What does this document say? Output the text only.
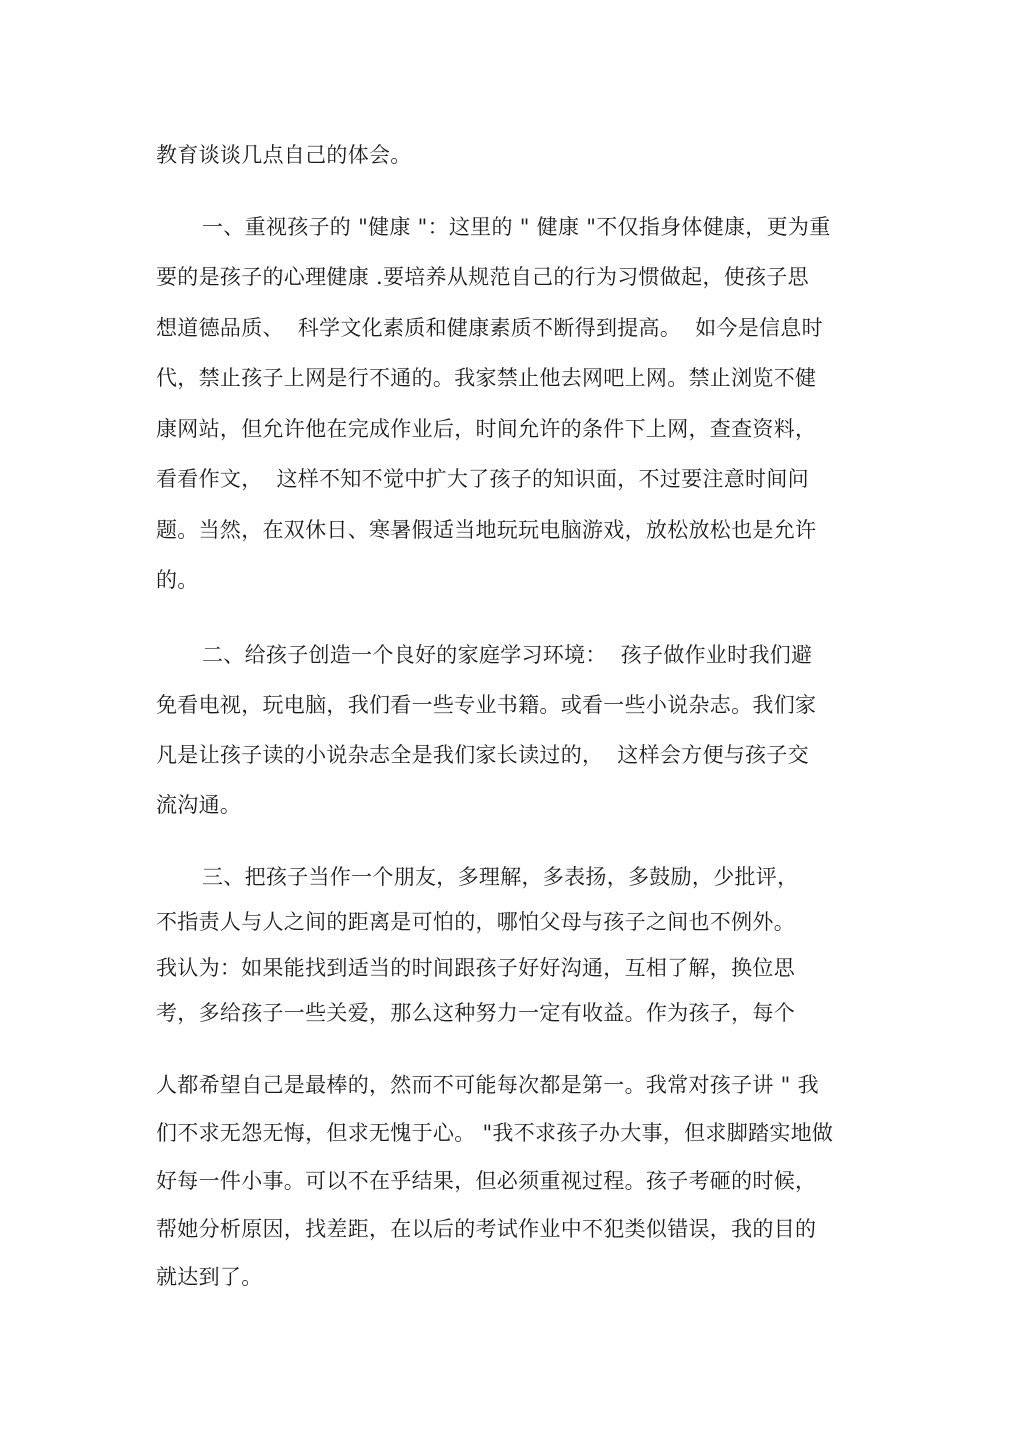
教育谈谈几点自己的体会。

一、重视孩子的 "健康 "：这里的 " 健康 "不仅指身体健康，更为重

要的是孩子的心理健康 .要培养从规范自己的行为习惯做起，使孩子思

想道德品质、  科学文化素质和健康素质不断得到提高。  如今是信息时

代，禁止孩子上网是行不通的。我家禁止他去网吧上网。禁止浏览不健

康网站，但允许他在完成作业后，时间允许的条件下上网，查查资料，

看看作文，  这样不知不觉中扩大了孩子的知识面，不过要注意时间问

题。当然，在双休日、寒暑假适当地玩玩电脑游戏，放松放松也是允许

的。

二、给孩子创造一个良好的家庭学习环境：  孩子做作业时我们避

免看电视，玩电脑，我们看一些专业书籍。或看一些小说杂志。我们家

凡是让孩子读的小说杂志全是我们家长读过的，  这样会方便与孩子交

流沟通。

三、把孩子当作一个朋友，多理解，多表扬，多鼓励，少批评，

不指责人与人之间的距离是可怕的，哪怕父母与孩子之间也不例外。

我认为：如果能找到适当的时间跟孩子好好沟通，互相了解，换位思

考，多给孩子一些关爱，那么这种努力一定有收益。作为孩子，每个

人都希望自己是最棒的，然而不可能每次都是第一。我常对孩子讲 " 我

们不求无怨无悔，但求无愧于心。 "我不求孩子办大事，但求脚踏实地做

好每一件小事。可以不在乎结果，但必须重视过程。孩子考砸的时候，

帮她分析原因，找差距，在以后的考试作业中不犯类似错误，我的目的

就达到了。
